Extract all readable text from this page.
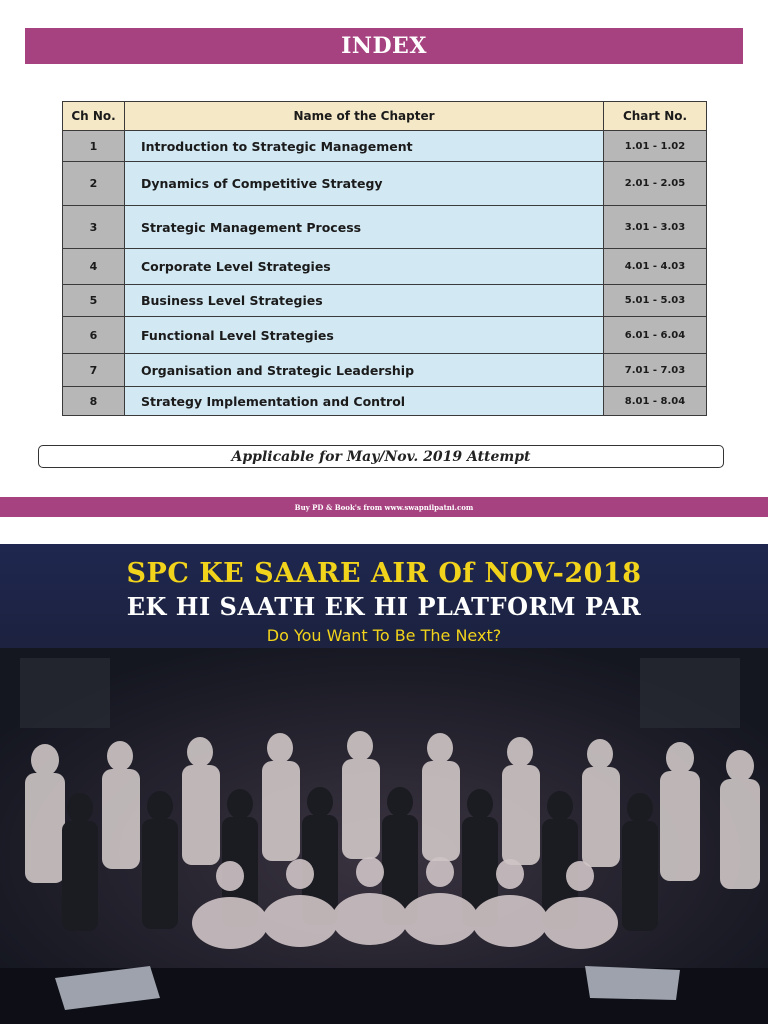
INDEX
Ch No.	Name of the Chapter	Chart No.
1	Introduction to Strategic Management	1.01 - 1.02
2	Dynamics of Competitive Strategy	2.01 - 2.05
3	Strategic Management Process	3.01 - 3.03
4	Corporate Level Strategies	4.01 - 4.03
5	Business Level Strategies	5.01 - 5.03
6	Functional Level Strategies	6.01 - 6.04
7	Organisation and Strategic Leadership	7.01 - 7.03
8	Strategy Implementation and Control	8.01 - 8.04
Applicable for May/Nov. 2019 Attempt
Buy PD & Book's from www.swapnilpatni.com
SPC KE SAARE AIR Of NOV-2018
EK HI SAATH EK HI PLATFORM PAR
Do You Want To Be The Next?
